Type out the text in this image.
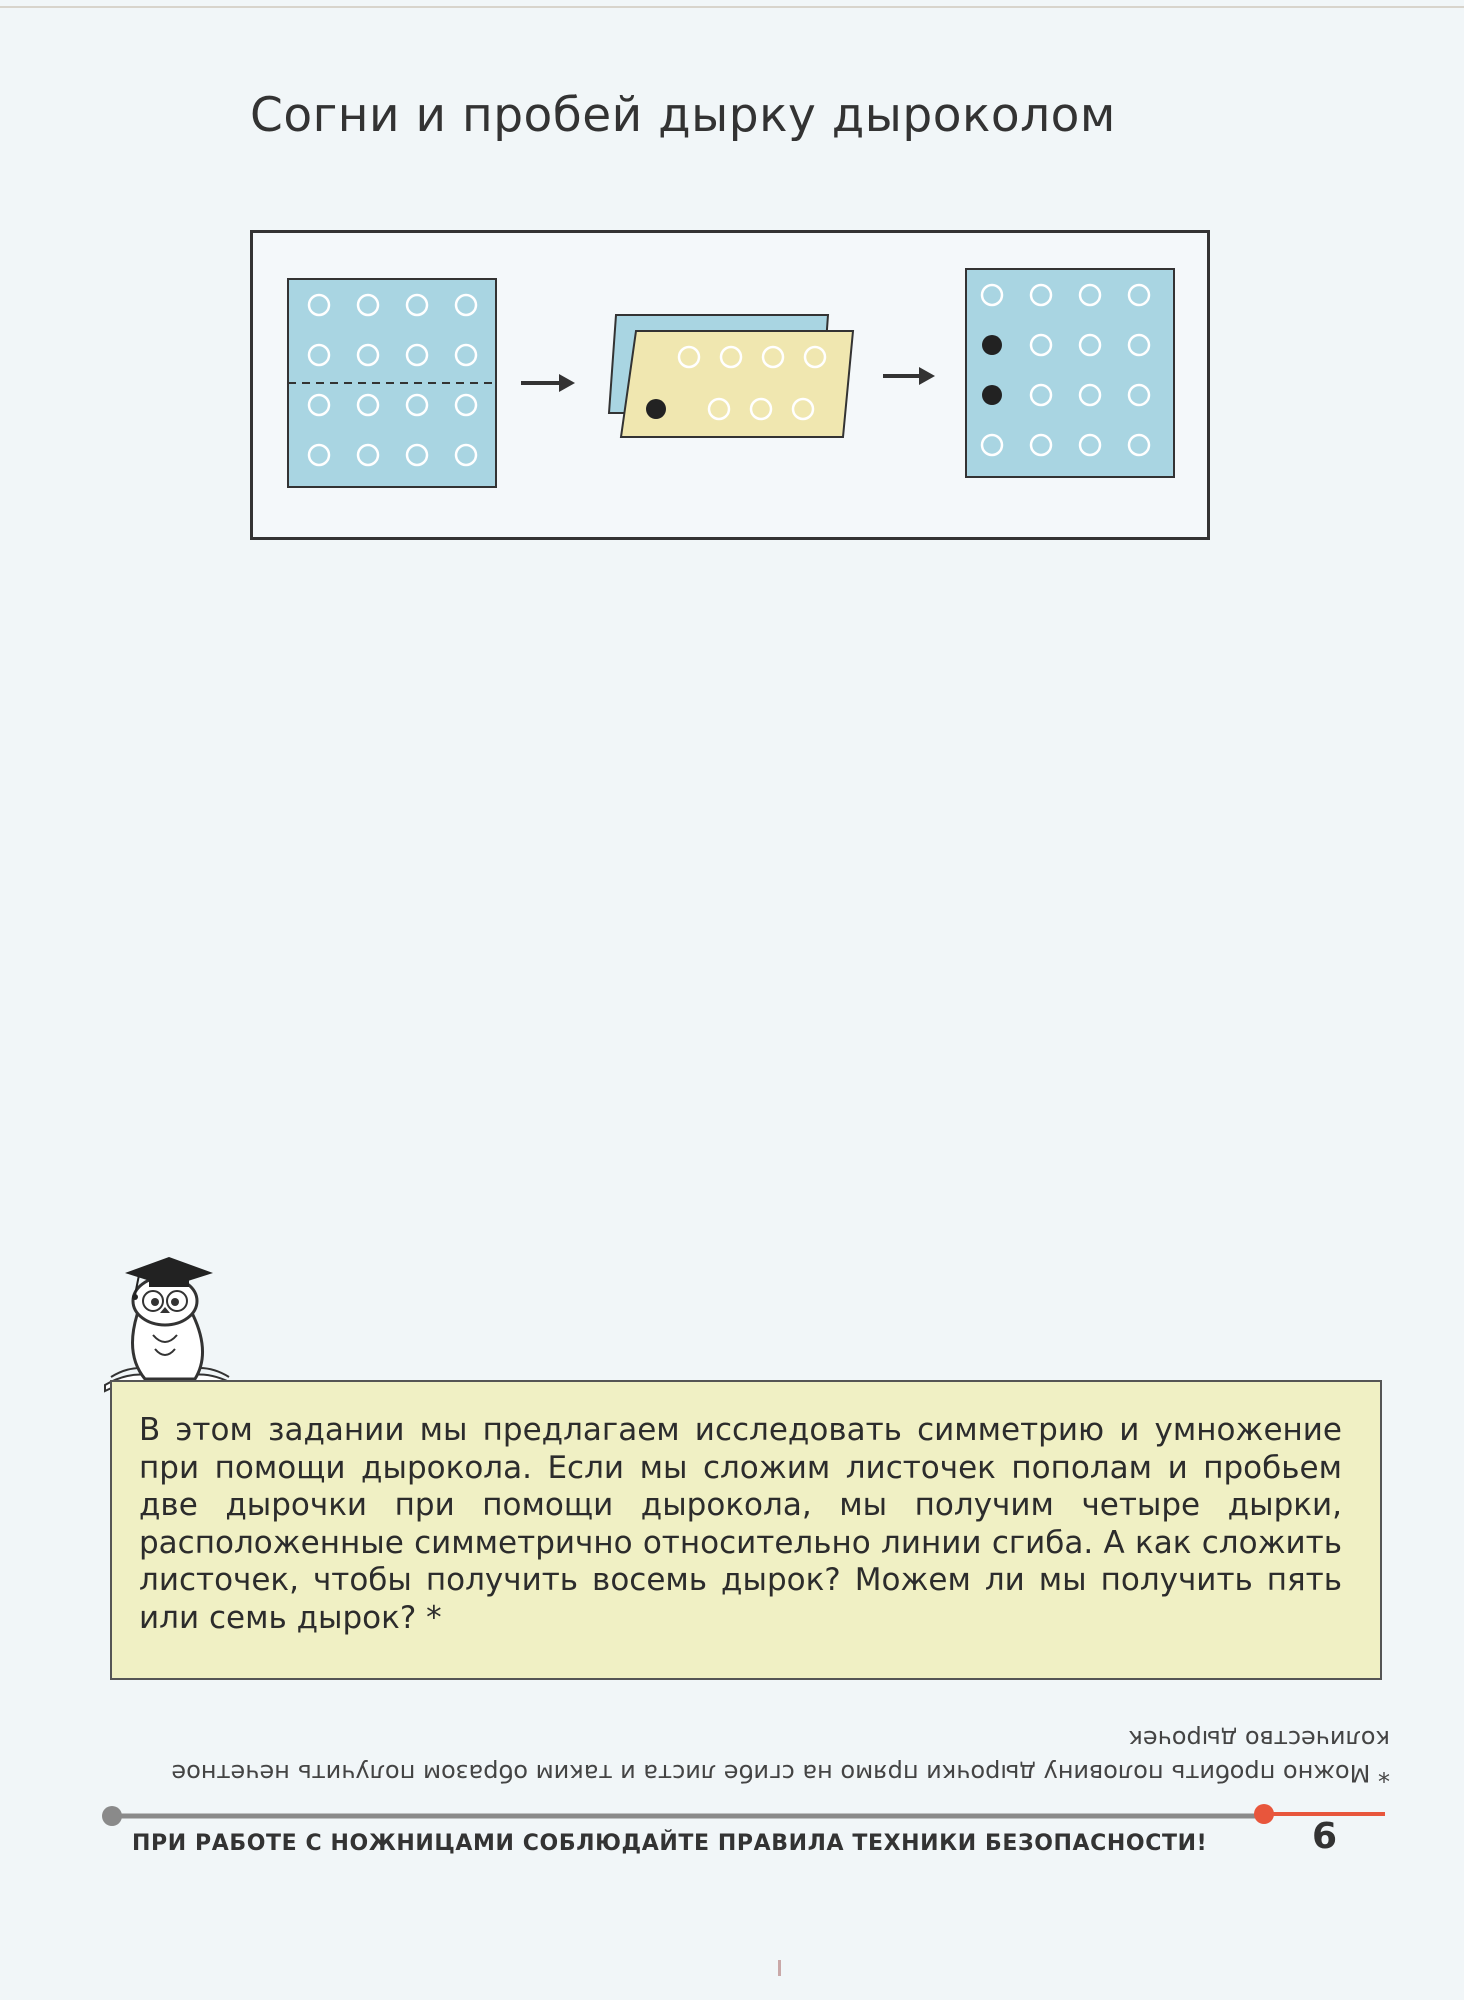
Согни и пробей дырку дыроколом

В этом задании мы предлагаем исследовать симметрию и умножение при помощи дырокола. Если мы сложим листочек пополам и пробьем две дырочки при помощи дырокола, мы получим четыре дырки, расположенные симметрично относительно линии сгиба. А как сложить листочек, чтобы получить восемь дырок? Можем ли мы получить пять или семь дырок? *

* Можно пробить половину дырочки прямо на сгибе листа и таким образом получить нечетное
количество дырочек
ПРИ РАБОТЕ С НОЖНИЦАМИ СОБЛЮДАЙТЕ ПРАВИЛА ТЕХНИКИ БЕЗОПАСНОСТИ!	6
